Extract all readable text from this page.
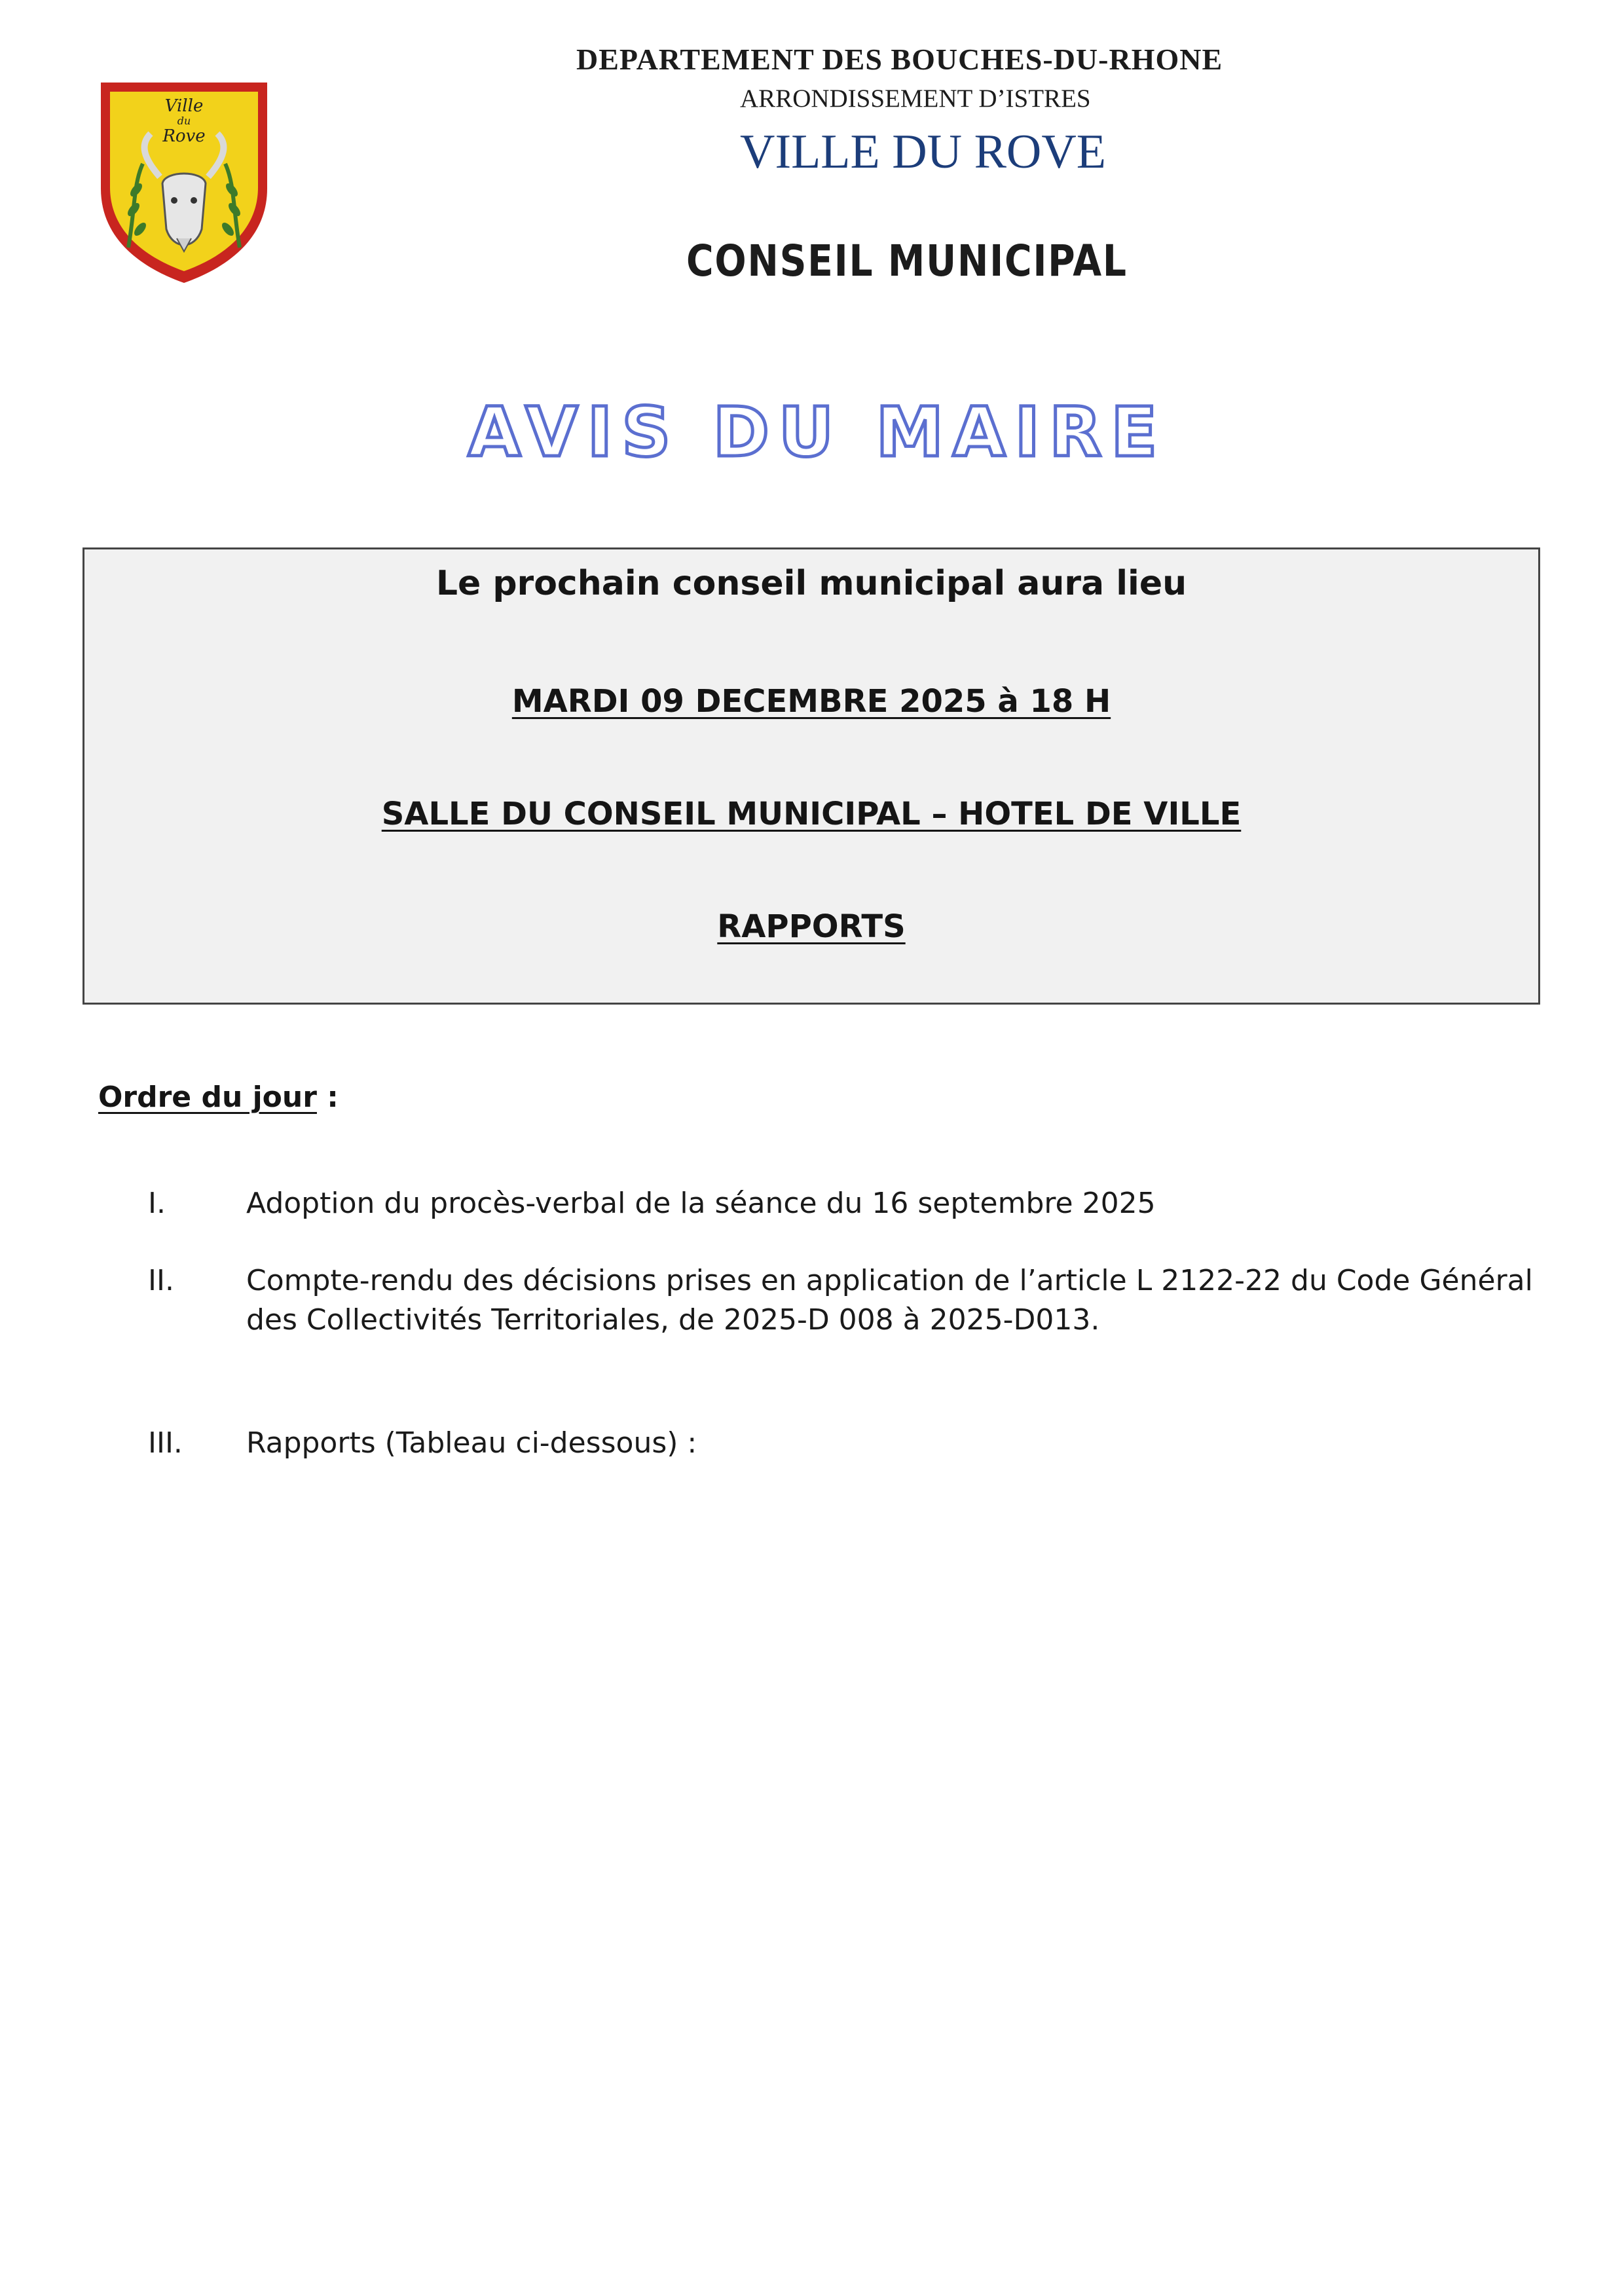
Ville
du
Rove
DEPARTEMENT DES BOUCHES-DU-RHONE
ARRONDISSEMENT D’ISTRES
VILLE DU ROVE
CONSEIL MUNICIPAL
AVIS DU MAIRE
Le prochain conseil municipal aura lieu
MARDI 09 DECEMBRE 2025 à 18 H
SALLE DU CONSEIL MUNICIPAL – HOTEL DE VILLE
RAPPORTS
Ordre du jour :
I.	Adoption du procès-verbal de la séance du 16 septembre 2025
II.	Compte-rendu des décisions prises en application de l’article L 2122-22 du Code Général des Collectivités Territoriales, de 2025-D 008 à 2025-D013.
III.	Rapports (Tableau ci-dessous) :
